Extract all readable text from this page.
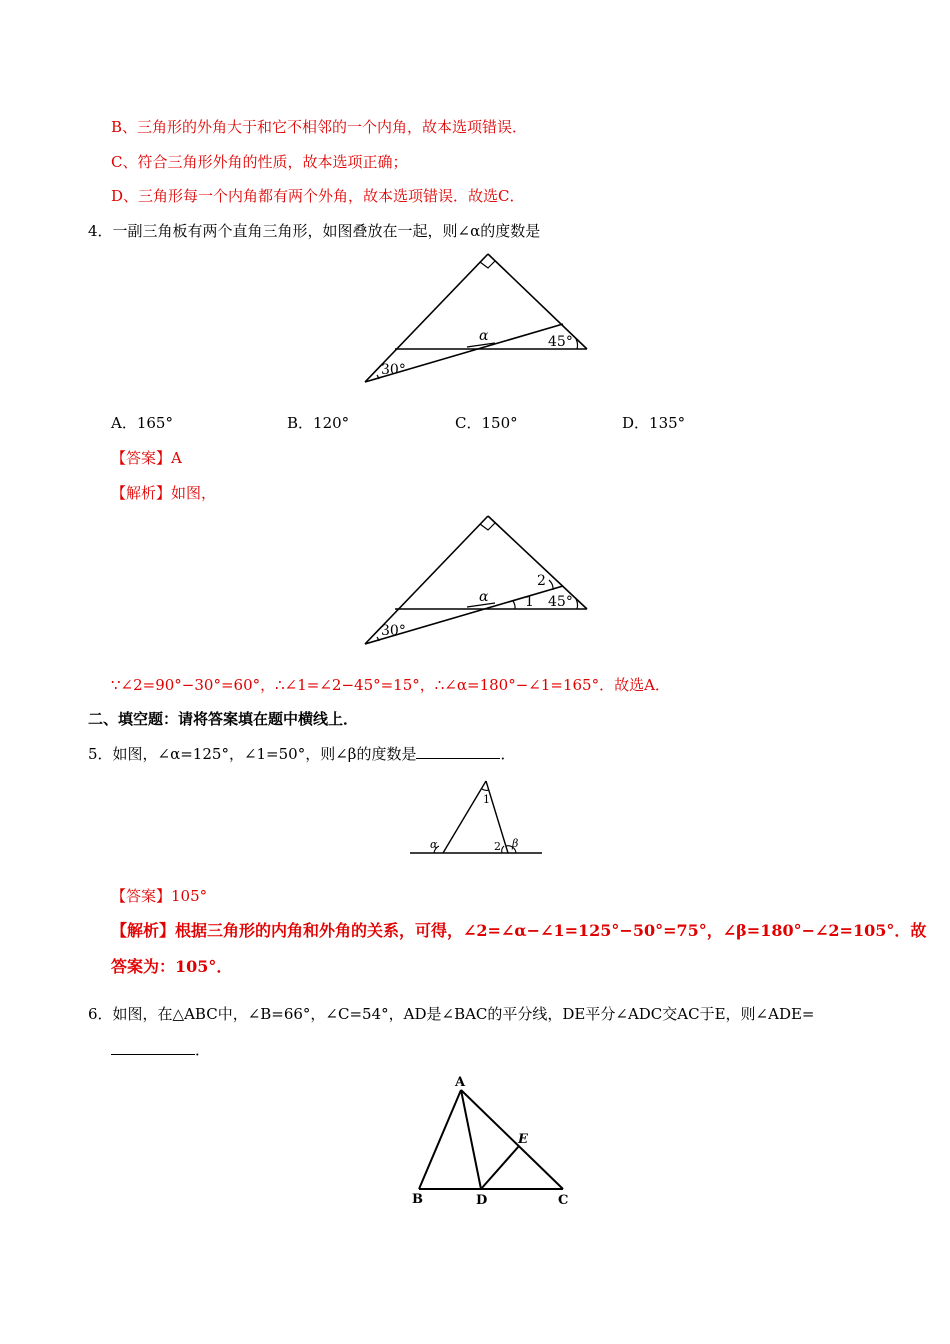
B、三角形的外角大于和它不相邻的一个内角，故本选项错误．
C、符合三角形外角的性质，故本选项正确；
D、三角形每一个内角都有两个外角，故本选项错误．故选C．
4．一副三角板有两个直角三角形，如图叠放在一起，则∠α的度数是
α	45°
30°
A．165°	B．120°	C．150°	D．135°
【答案】A
【解析】如图，
α
2
1 45°
30°
∵∠2=90°−30°=60°，∴∠1=∠2−45°=15°，∴∠α=180°−∠1=165°．故选A．
二、填空题：请将答案填在题中横线上．
5．如图，∠α=125°，∠1=50°，则∠β的度数是	．
α
1
2 β
【答案】105°
【解析】根据三角形的内角和外角的关系，可得，∠2=∠α−∠1=125°−50°=75°，∠β=180°−∠2=105°．故
答案为：105°．
6．如图，在△ABC中，∠B=66°，∠C=54°，AD是∠BAC的平分线，DE平分∠ADC交AC于E，则∠ADE=
．
A
B	D	C
E
